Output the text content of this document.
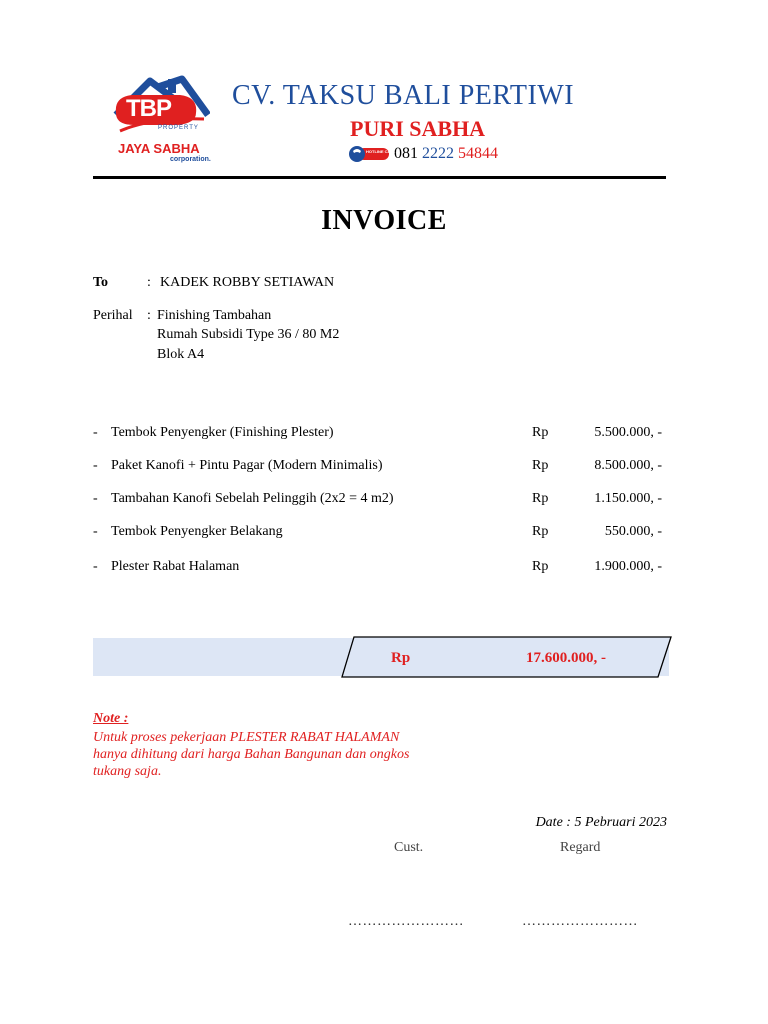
TBP
PROPERTY
JAYA SABHA
corporation.
CV. TAKSU BALI PERTIWI
PURI SABHA
HOTLINE CALL
081 2222 54844
INVOICE
To	: KADEK ROBBY SETIAWAN
Perihal : Finishing Tambahan
Rumah Subsidi Type 36 / 80 M2
Blok A4
- Tembok Penyengker (Finishing Plester)	Rp	5.500.000, -
- Paket Kanofi + Pintu Pagar (Modern Minimalis)	Rp	8.500.000, -
- Tambahan Kanofi Sebelah Pelinggih (2x2 = 4 m2)	Rp	1.150.000, -
- Tembok Penyengker Belakang	Rp	550.000, -
- Plester Rabat Halaman	Rp	1.900.000, -
Rp	17.600.000, -
Note :
Untuk proses pekerjaan PLESTER RABAT HALAMAN
hanya dihitung dari harga Bahan Bangunan dan ongkos
tukang saja.
Date : 5 Pebruari 2023
Cust.	Regard
……………………	……………………
